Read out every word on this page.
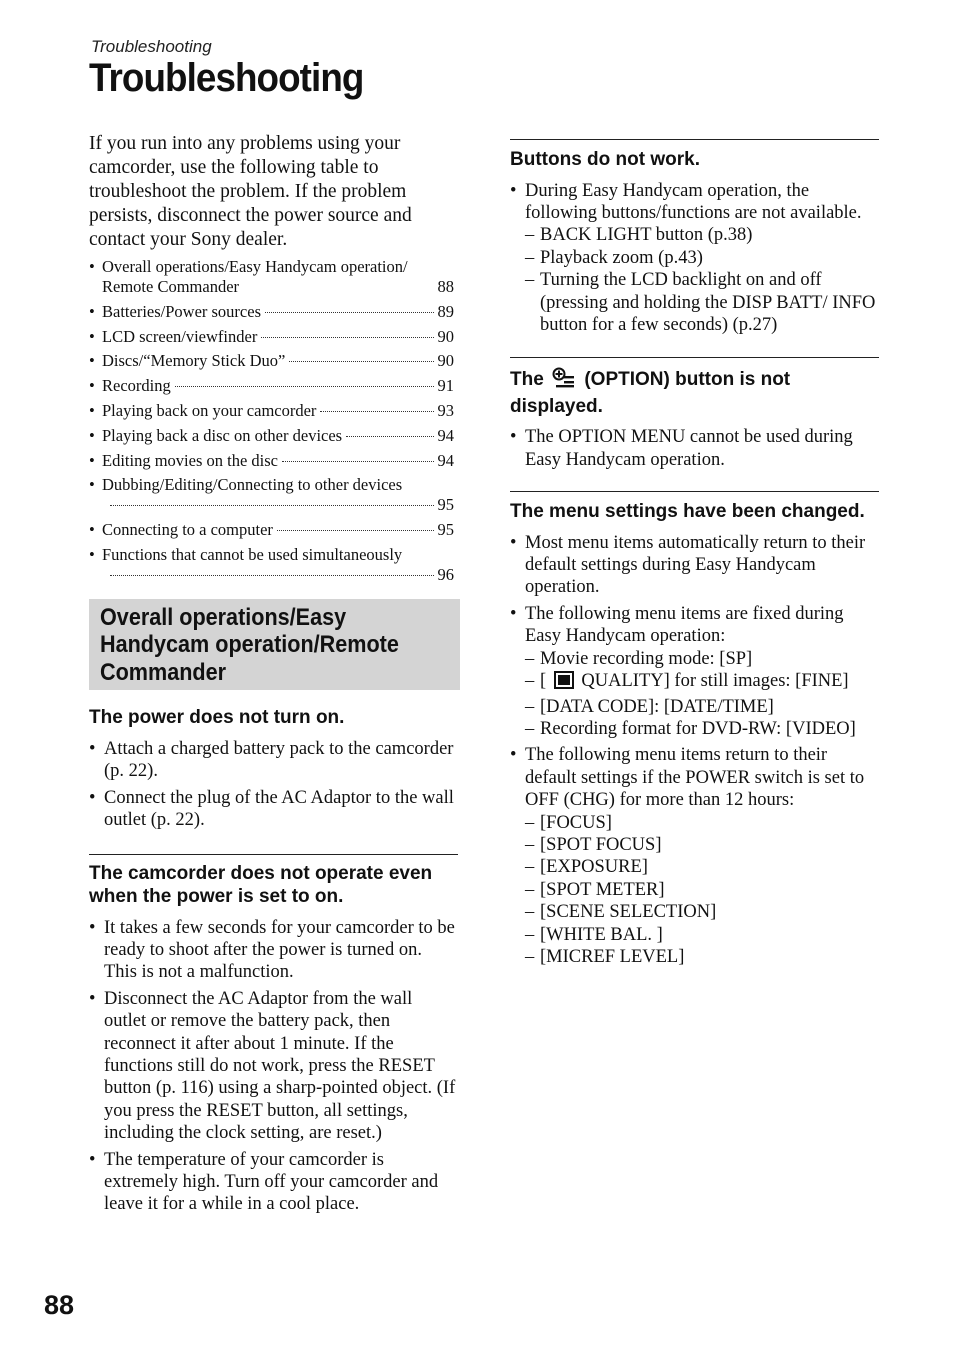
Troubleshooting
Troubleshooting

If you run into any problems using your camcorder, use the following table to troubleshoot the problem. If the problem persists, disconnect the power source and contact your Sony dealer.

• Overall operations/Easy Handycam operation/
Remote Commander	88
• Batteries/Power sources	89
• LCD screen/viewfinder	90
• Discs/“Memory Stick Duo”	90
• Recording	91
• Playing back on your camcorder	93
• Playing back a disc on other devices	94
• Editing movies on the disc	94
• Dubbing/Editing/Connecting to other devices
95
• Connecting to a computer	95
• Functions that cannot be used simultaneously
96
Overall operations/Easy Handycam operation/Remote Commander
The power does not turn on.
• Attach a charged battery pack to the camcorder (p. 22).
• Connect the plug of the AC Adaptor to the wall outlet (p. 22).
The camcorder does not operate even when the power is set to on.
• It takes a few seconds for your camcorder to be ready to shoot after the power is turned on. This is not a malfunction.
• Disconnect the AC Adaptor from the wall outlet or remove the battery pack, then reconnect it after about 1 minute. If the functions still do not work, press the RESET button (p. 116) using a sharp-pointed object. (If you press the RESET button, all settings, including the clock setting, are reset.)
• The temperature of your camcorder is extremely high. Turn off your camcorder and leave it for a while in a cool place.
Buttons do not work.
• During Easy Handycam operation, the following buttons/functions are not available.
– BACK LIGHT button (p.38)
– Playback zoom (p.43)
– Turning the LCD backlight on and off (pressing and holding the DISP BATT/ INFO button for a few seconds) (p.27)
The (OPTION) button is not displayed.
• The OPTION MENU cannot be used during Easy Handycam operation.
The menu settings have been changed.
• Most menu items automatically return to their default settings during Easy Handycam operation.
• The following menu items are fixed during Easy Handycam operation:
– Movie recording mode: [SP]
– [ QUALITY] for still images: [FINE]
– [DATA CODE]: [DATE/TIME]
– Recording format for DVD-RW: [VIDEO]
• The following menu items return to their default settings if the POWER switch is set to OFF (CHG) for more than 12 hours:
– [FOCUS]
– [SPOT FOCUS]
– [EXPOSURE]
– [SPOT METER]
– [SCENE SELECTION]
– [WHITE BAL. ]
– [MICREF LEVEL]
88
